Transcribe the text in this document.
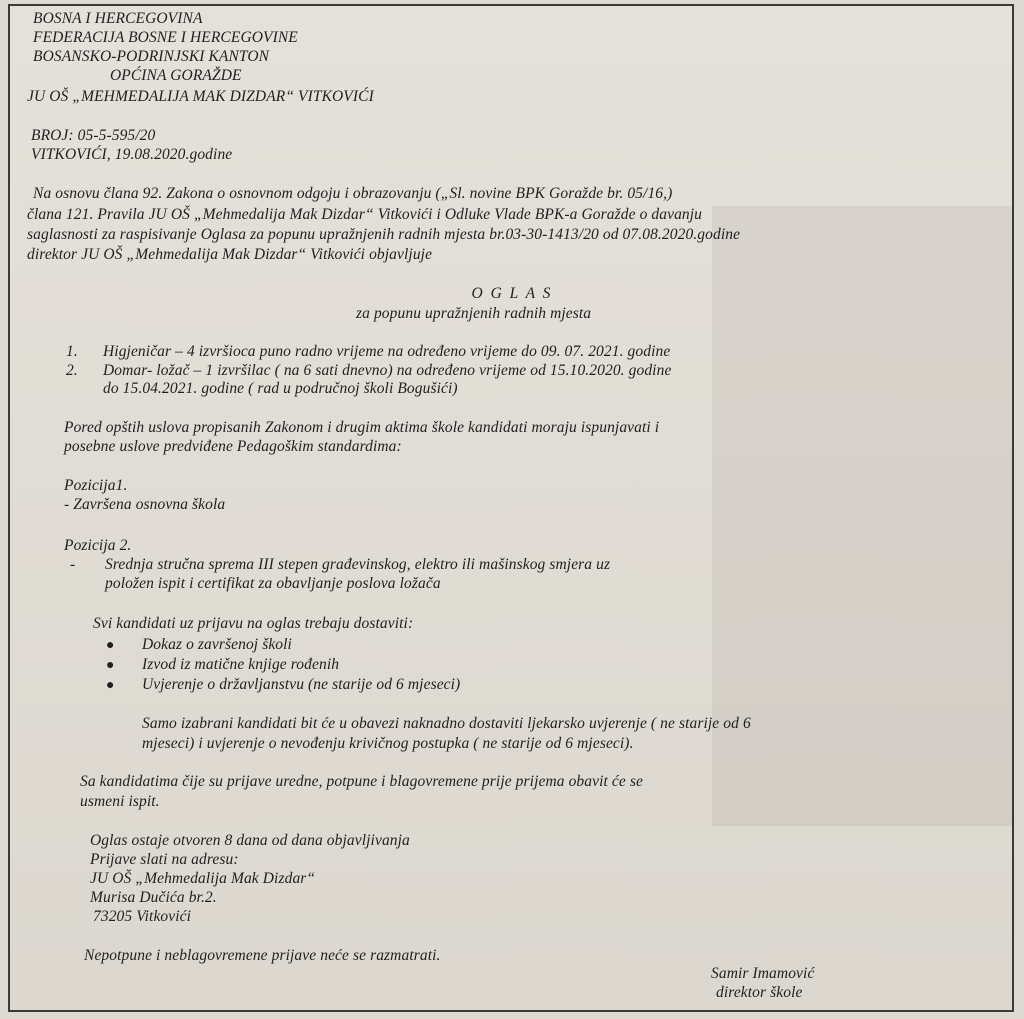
BOSNA I HERCEGOVINA
FEDERACIJA BOSNE I HERCEGOVINE
BOSANSKO-PODRINJSKI KANTON
OPĆINA GORAŽDE
JU OŠ „MEHMEDALIJA MAK DIZDAR“ VITKOVIĆI
BROJ: 05-5-595/20
VITKOVIĆI, 19.08.2020.godine
Na osnovu člana 92. Zakona o osnovnom odgoju i obrazovanju („Sl. novine BPK Goražde br. 05/16,)
člana 121. Pravila JU OŠ „Mehmedalija Mak Dizdar“ Vitkovići i Odluke Vlade BPK-a Goražde o davanju
saglasnosti za raspisivanje Oglasa za popunu upražnjenih radnih mjesta br.03-30-1413/20 od 07.08.2020.godine
direktor JU OŠ „Mehmedalija Mak Dizdar“ Vitkovići objavljuje
O G L A S
za popunu upražnjenih radnih mjesta
1. Higjeničar – 4 izvršioca puno radno vrijeme na određeno vrijeme do 09. 07. 2021. godine
2. Domar- ložač – 1 izvršilac ( na 6 sati dnevno) na određeno vrijeme od 15.10.2020. godine
do 15.04.2021. godine ( rad u područnoj školi Bogušići)
Pored opštih uslova propisanih Zakonom i drugim aktima škole kandidati moraju ispunjavati i
posebne uslove predviđene Pedagoškim standardima:
Pozicija1.
- Završena osnovna škola
Pozicija 2.
- Srednja stručna sprema III stepen građevinskog, elektro ili mašinskog smjera uz
položen ispit i certifikat za obavljanje poslova ložača
Svi kandidati uz prijavu na oglas trebaju dostaviti:
● Dokaz o završenoj školi
● Izvod iz matične knjige rođenih
● Uvjerenje o državljanstvu (ne starije od 6 mjeseci)
Samo izabrani kandidati bit će u obavezi naknadno dostaviti ljekarsko uvjerenje ( ne starije od 6
mjeseci) i uvjerenje o nevođenju krivičnog postupka ( ne starije od 6 mjeseci).
Sa kandidatima čije su prijave uredne, potpune i blagovremene prije prijema obavit će se
usmeni ispit.
Oglas ostaje otvoren 8 dana od dana objavljivanja
Prijave slati na adresu:
JU OŠ „Mehmedalija Mak Dizdar“
Murisa Dučića br.2.
73205 Vitkovići
Nepotpune i neblagovremene prijave neće se razmatrati.
Samir Imamović
direktor škole
